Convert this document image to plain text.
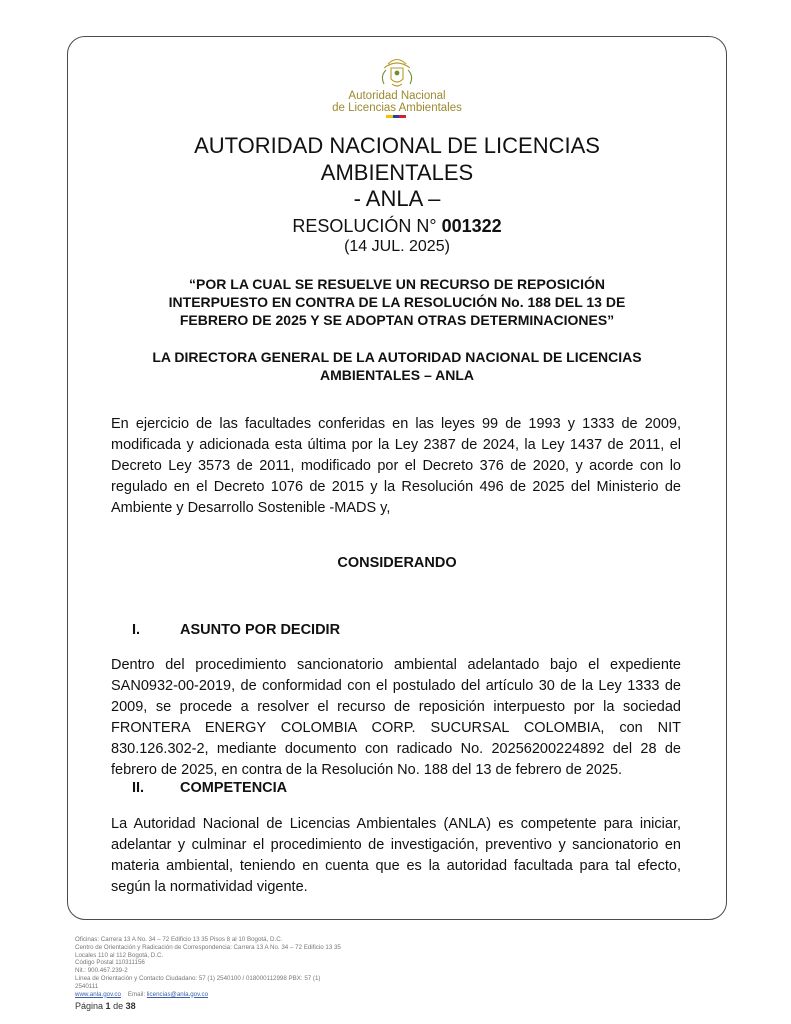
Autoridad Nacional
de Licencias Ambientales
AUTORIDAD NACIONAL DE LICENCIAS
AMBIENTALES
- ANLA –
RESOLUCIÓN N° 001322
(14 JUL. 2025)
“POR LA CUAL SE RESUELVE UN RECURSO DE REPOSICIÓN
INTERPUESTO EN CONTRA DE LA RESOLUCIÓN No. 188 DEL 13 DE
FEBRERO DE 2025 Y SE ADOPTAN OTRAS DETERMINACIONES”
LA DIRECTORA GENERAL DE LA AUTORIDAD NACIONAL DE LICENCIAS
AMBIENTALES – ANLA
En ejercicio de las facultades conferidas en las leyes 99 de 1993 y 1333 de 2009, modificada y adicionada esta última por la Ley 2387 de 2024, la Ley 1437 de 2011, el Decreto Ley 3573 de 2011, modificado por el Decreto 376 de 2020, y acorde con lo regulado en el Decreto 1076 de 2015 y la Resolución 496 de 2025 del Ministerio de Ambiente y Desarrollo Sostenible -MADS y,
CONSIDERANDO
I.	ASUNTO POR DECIDIR
Dentro del procedimiento sancionatorio ambiental adelantado bajo el expediente SAN0932-00-2019, de conformidad con el postulado del artículo 30 de la Ley 1333 de 2009, se procede a resolver el recurso de reposición interpuesto por la sociedad FRONTERA ENERGY COLOMBIA CORP. SUCURSAL COLOMBIA, con NIT 830.126.302-2, mediante documento con radicado No. 20256200224892 del 28 de febrero de 2025, en contra de la Resolución No. 188 del 13 de febrero de 2025.
II. COMPETENCIA
La Autoridad Nacional de Licencias Ambientales (ANLA) es competente para iniciar, adelantar y culminar el procedimiento de investigación, preventivo y sancionatorio en materia ambiental, teniendo en cuenta que es la autoridad facultada para tal efecto, según la normatividad vigente.
Oficinas: Carrera 13 A No. 34 – 72 Edificio 13 35 Pisos 8 al 10 Bogotá, D.C.
Centro de Orientación y Radicación de Correspondencia: Carrera 13 A No. 34 – 72 Edificio 13 35
Locales 110 al 112 Bogotá, D.C.
Código Postal 110311156
Nit.: 900.467.239-2
Línea de Orientación y Contacto Ciudadano: 57 (1) 2540100 / 018000112998 PBX: 57 (1)
2540111
www.anla.gov.co Email: licencias@anla.gov.co
Página 1 de 38
